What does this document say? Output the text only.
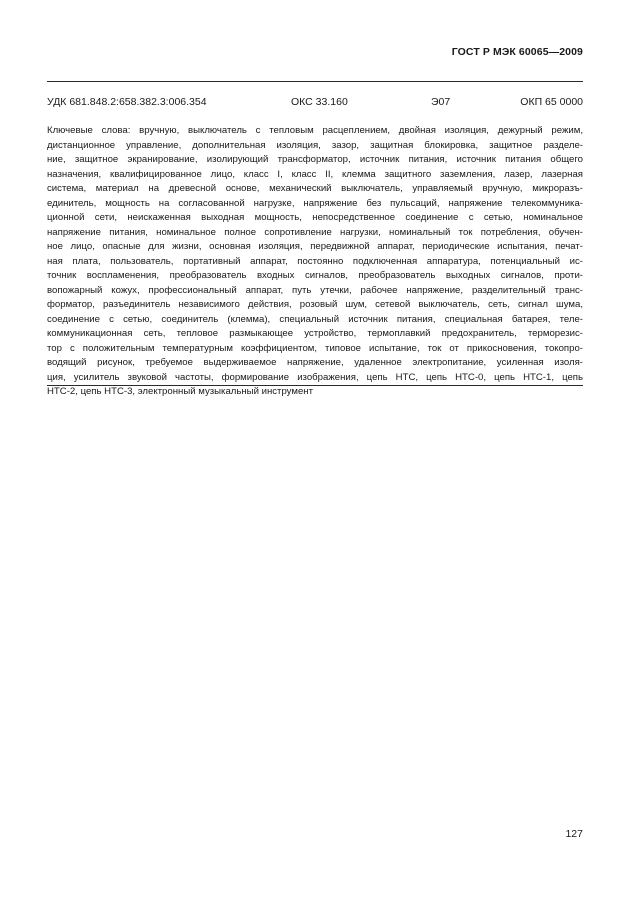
ГОСТ Р МЭК 60065—2009
УДК 681.848.2:658.382.3:006.354	ОКС 33.160	Э07	ОКП 65 0000
Ключевые слова: вручную, выключатель с тепловым расцеплением, двойная изоляция, дежурный режим,
дистанционное управление, дополнительная изоляция, зазор, защитная блокировка, защитное разделе-
ние, защитное экранирование, изолирующий трансформатор, источник питания, источник питания общего
назначения, квалифицированное лицо, класс I, класс II, клемма защитного заземления, лазер, лазерная
система, материал на древесной основе, механический выключатель, управляемый вручную, микроразъ-
единитель, мощность на согласованной нагрузке, напряжение без пульсаций, напряжение телекоммуника-
ционной сети, неискаженная выходная мощность, непосредственное соединение с сетью, номинальное
напряжение питания, номинальное полное сопротивление нагрузки, номинальный ток потребления, обучен-
ное лицо, опасные для жизни, основная изоляция, передвижной аппарат, периодические испытания, печат-
ная плата, пользователь, портативный аппарат, постоянно подключенная аппаратура, потенциальный ис-
точник воспламенения, преобразователь входных сигналов, преобразователь выходных сигналов, проти-
вопожарный кожух, профессиональный аппарат, путь утечки, рабочее напряжение, разделительный транс-
форматор, разъединитель независимого действия, розовый шум, сетевой выключатель, сеть, сигнал шума,
соединение с сетью, соединитель (клемма), специальный источник питания, специальная батарея, теле-
коммуникационная сеть, тепловое размыкающее устройство, термоплавкий предохранитель, терморезис-
тор с положительным температурным коэффициентом, типовое испытание, ток от прикосновения, токопро-
водящий рисунок, требуемое выдерживаемое напряжение, удаленное электропитание, усиленная изоля-
ция, усилитель звуковой частоты, формирование изображения, цепь НТС, цепь НТС-0, цепь НТС-1, цепь
НТС-2, цепь НТС-3, электронный музыкальный инструмент
127
